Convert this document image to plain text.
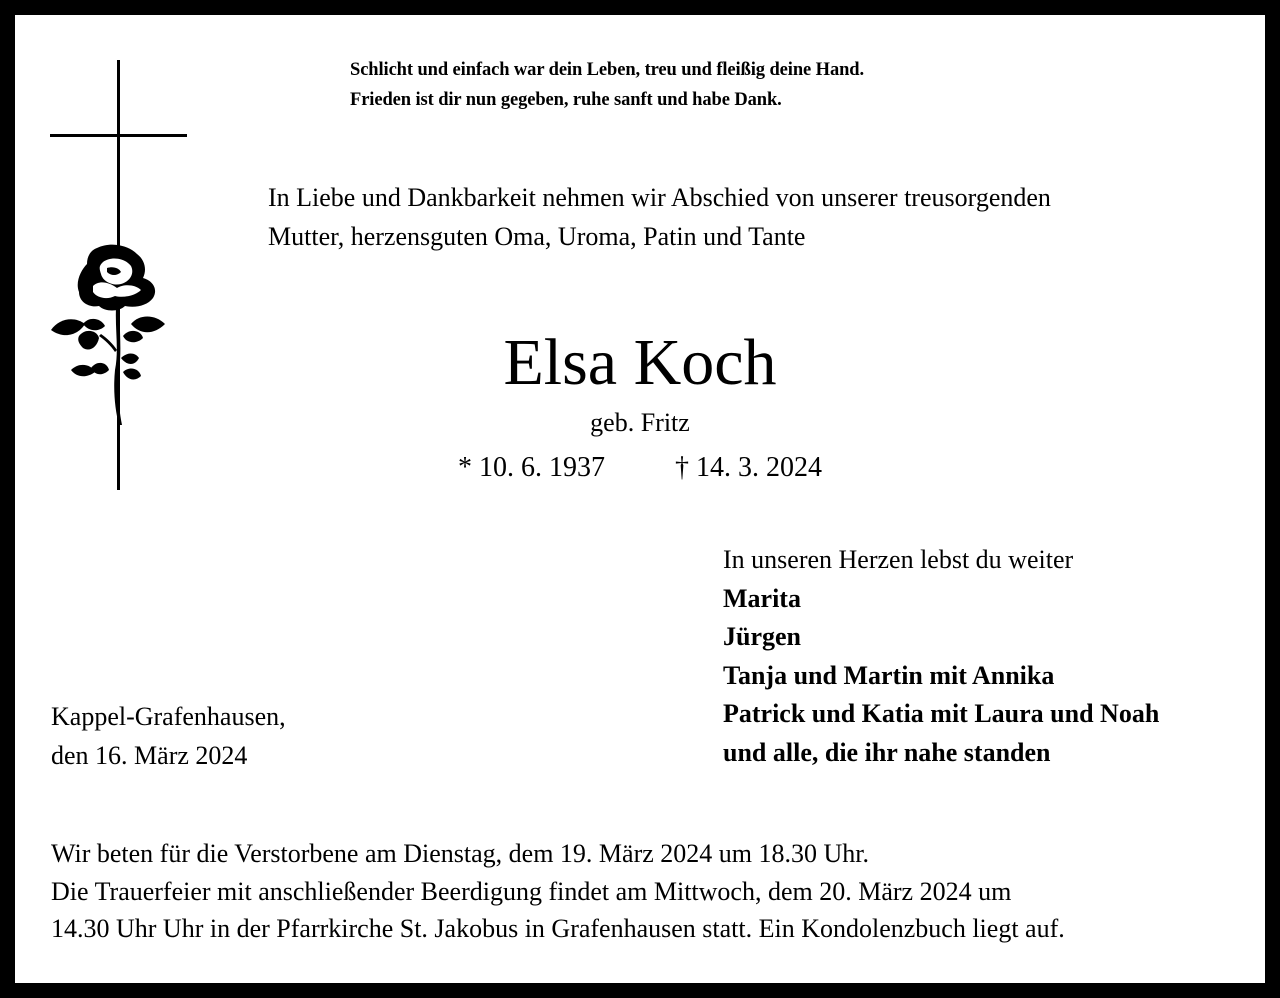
Schlicht und einfach war dein Leben, treu und fleißig deine Hand.
Frieden ist dir nun gegeben, ruhe sanft und habe Dank.
In Liebe und Dankbarkeit nehmen wir Abschied von unserer treusorgenden
Mutter, herzensguten Oma, Uroma, Patin und Tante
Elsa Koch
geb. Fritz
* 10. 6. 1937	† 14. 3. 2024
In unseren Herzen lebst du weiter
Marita
Jürgen
Tanja und Martin mit Annika
Patrick und Katia mit Laura und Noah
und alle, die ihr nahe standen
Kappel-Grafenhausen,
den 16. März 2024
Wir beten für die Verstorbene am Dienstag, dem 19. März 2024 um 18.30 Uhr.
Die Trauerfeier mit anschließender Beerdigung findet am Mittwoch, dem 20. März 2024 um
14.30 Uhr Uhr in der Pfarrkirche St. Jakobus in Grafenhausen statt. Ein Kondolenzbuch liegt auf.
